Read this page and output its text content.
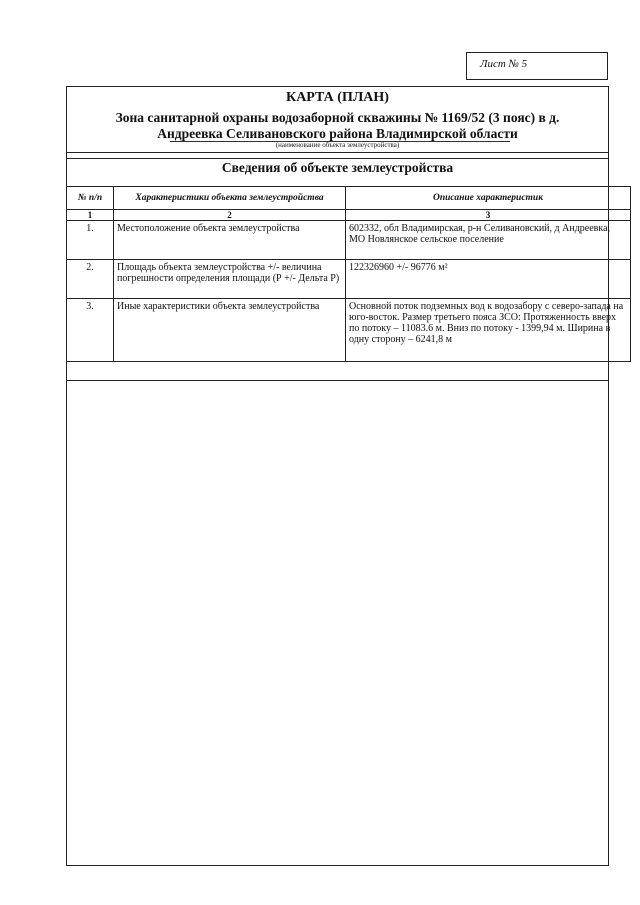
Лист № 5
КАРТА (ПЛАН)
Зона санитарной охраны водозаборной скважины № 1169/52 (3 пояс) в д.
Андреевка Селивановского района Владимирской области
(наименование объекта землеустройства)
Сведения об объекте землеустройства
№ п/п	Характеристики объекта землеустройства	Описание характеристик
1	2	3
1.	Местоположение объекта землеустройства	602332, обл Владимирская, р-н Селивановский, д Андреевка, МО Новлянское сельское поселение
2.	Площадь объекта землеустройства +/- величина погрешности определения площади (Р +/- Дельта Р)	122326960 +/- 96776 м²
3.	Иные характеристики объекта землеустройства	Основной поток подземных вод к водозабору с северо-запада на юго-восток. Размер третьего пояса ЗСО: Протяженность вверх по потоку – 11083.6 м. Вниз по потоку - 1399,94 м. Ширина в одну сторону – 6241,8 м
